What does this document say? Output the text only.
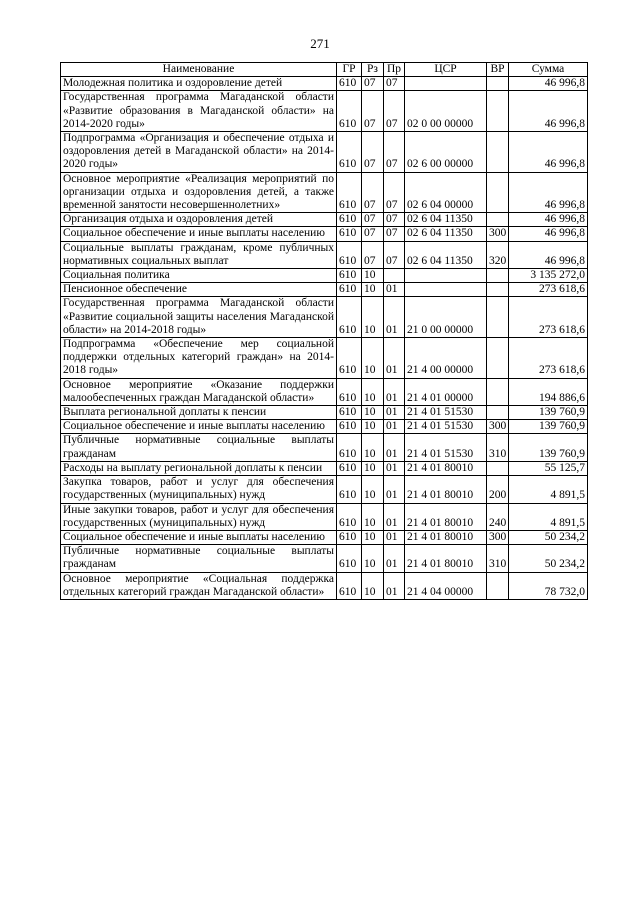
271
Наименование	ГР	Рз	Пр	ЦСР	ВР	Сумма
Молодежная политика и оздоровление детей	610	07	07			46 996,8
Государственная программа Магаданской области «Развитие образования в Магаданской области» на 2014-2020 годы»	610	07	07	02 0 00 00000		46 996,8
Подпрограмма «Организация и обеспечение отдыха и оздоровления детей в Магаданской области» на 2014-2020 годы»	610	07	07	02 6 00 00000		46 996,8
Основное мероприятие «Реализация мероприятий по организации отдыха и оздоровления детей, а также временной занятости несовершеннолетних»	610	07	07	02 6 04 00000		46 996,8
Организация отдыха и оздоровления детей	610	07	07	02 6 04 11350		46 996,8
Социальное обеспечение и иные выплаты населению	610	07	07	02 6 04 11350	300	46 996,8
Социальные выплаты гражданам, кроме публичных нормативных социальных выплат	610	07	07	02 6 04 11350	320	46 996,8
Социальная политика	610	10				3 135 272,0
Пенсионное обеспечение	610	10	01			273 618,6
Государственная программа Магаданской области «Развитие социальной защиты населения Магаданской области» на 2014-2018 годы»	610	10	01	21 0 00 00000		273 618,6
Подпрограмма «Обеспечение мер социальной поддержки отдельных категорий граждан» на 2014-2018 годы»	610	10	01	21 4 00 00000		273 618,6
Основное мероприятие «Оказание поддержки малообеспеченных граждан Магаданской области»	610	10	01	21 4 01 00000		194 886,6
Выплата региональной доплаты к пенсии	610	10	01	21 4 01 51530		139 760,9
Социальное обеспечение и иные выплаты населению	610	10	01	21 4 01 51530	300	139 760,9
Публичные нормативные социальные выплаты гражданам	610	10	01	21 4 01 51530	310	139 760,9
Расходы на выплату региональной доплаты к пенсии	610	10	01	21 4 01 80010		55 125,7
Закупка товаров, работ и услуг для обеспечения государственных (муниципальных) нужд	610	10	01	21 4 01 80010	200	4 891,5
Иные закупки товаров, работ и услуг для обеспечения государственных (муниципальных) нужд	610	10	01	21 4 01 80010	240	4 891,5
Социальное обеспечение и иные выплаты населению	610	10	01	21 4 01 80010	300	50 234,2
Публичные нормативные социальные выплаты гражданам	610	10	01	21 4 01 80010	310	50 234,2
Основное мероприятие «Социальная поддержка отдельных категорий граждан Магаданской области»	610	10	01	21 4 04 00000		78 732,0
